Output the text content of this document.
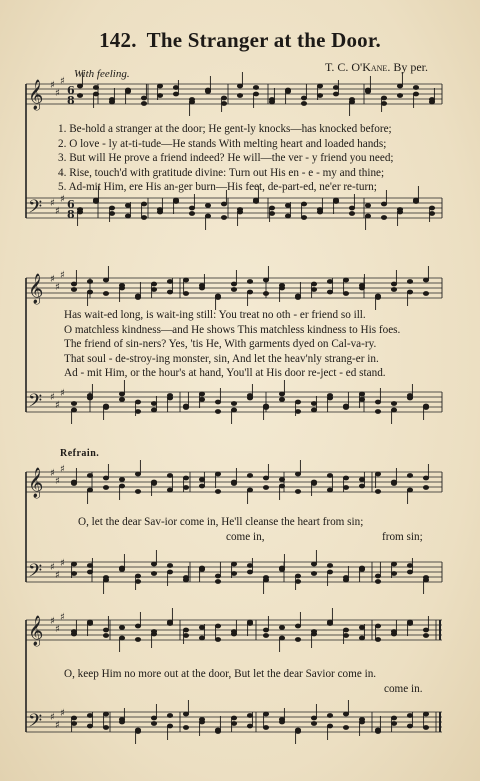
142. The Stranger at the Door.
T. C. O'Kane. By per.
With feeling.
𝄞
𝄢
𝄞
𝄢
𝄞
𝄢
𝄞
𝄢
♯
♯
♯
♯
♯
♯
♯
♯
♯
♯
♯
♯
♯
♯
♯
♯
♯
♯
♯
♯
♯
♯
♯
♯
6
8
6
8
1. Be-hold a stranger at the door; He gent-ly knocks—has knocked before;
2. O love - ly at-ti-tude—He stands With melting heart and loaded hands;
3. But will He prove a friend indeed? He will—the ver - y friend you need;
4. Rise, touch'd with gratitude divine: Turn out His en - e - my and thine;
5. Ad-mit Him, ere His an-ger burn—His feet, de-part-ed, ne'er re-turn;
Has wait-ed long, is wait-ing still: You treat no oth - er friend so ill.
O matchless kindness—and He shows This matchless kindness to His foes.
The friend of sin-ners? Yes, 'tis He, With garments dyed on Cal-va-ry.
That soul - de-stroy-ing monster, sin, And let the heav'nly strang-er in.
Ad - mit Him, or the hour's at hand, You'll at His door re-ject - ed stand.
Refrain.
O, let the dear Sav-ior come in, He'll cleanse the heart from sin;
come in,	from sin;
O, keep Him no more out at the door, But let the dear Savior come in.
come in.
